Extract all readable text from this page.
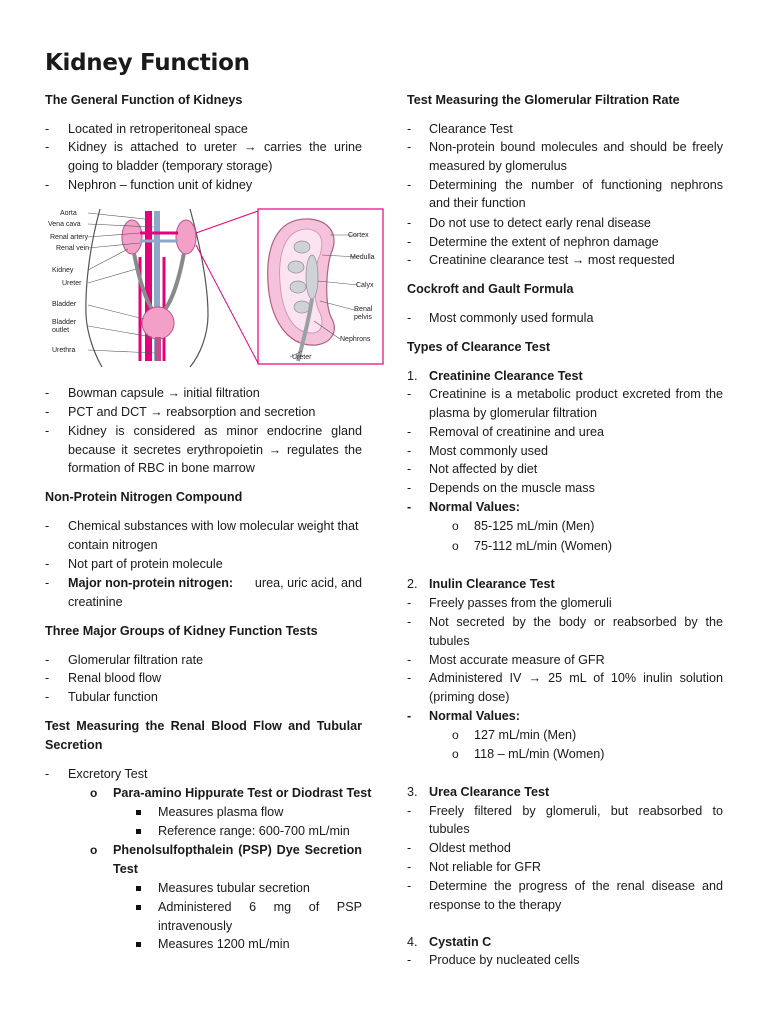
Kidney Function
The General Function of Kidneys
- Located in retroperitoneal space
- Kidney is attached to ureter → carries the urine
going to bladder (temporary storage)
- Nephron – function unit of kidney
Aorta
Vena cava
Renal artery
Renal vein
Kidney
Ureter
Bladder
Bladder
outlet
Urethra
Cortex
Medulla
Calyx
Renal
pelvis
Nephrons
Ureter
- Bowman capsule → initial filtration
- PCT and DCT → reabsorption and secretion
- Kidney is considered as minor endocrine gland
because it secretes erythropoietin → regulates the
formation of RBC in bone marrow
Non-Protein Nitrogen Compound
- Chemical substances with low molecular weight that
contain nitrogen
- Not part of protein molecule
- Major non-protein nitrogen: urea, uric acid, and
creatinine
Three Major Groups of Kidney Function Tests
- Glomerular filtration rate
- Renal blood flow
- Tubular function
Test Measuring the Renal Blood Flow and Tubular
Secretion
- Excretory Test
o Para-amino Hippurate Test or Diodrast Test
Measures plasma flow
Reference range: 600-700 mL/min
o Phenolsulfopthalein (PSP) Dye Secretion
Test
Measures tubular secretion
Administered 6 mg of PSP
intravenously
Measures 1200 mL/min
Test Measuring the Glomerular Filtration Rate
- Clearance Test
- Non-protein bound molecules and should be freely
measured by glomerulus
- Determining the number of functioning nephrons
and their function
- Do not use to detect early renal disease
- Determine the extent of nephron damage
- Creatinine clearance test → most requested
Cockroft and Gault Formula
- Most commonly used formula
Types of Clearance Test
1. Creatinine Clearance Test
- Creatinine is a metabolic product excreted from the
plasma by glomerular filtration
- Removal of creatinine and urea
- Most commonly used
- Not affected by diet
- Depends on the muscle mass
- Normal Values:
o 85-125 mL/min (Men)
o 75-112 mL/min (Women)
2. Inulin Clearance Test
- Freely passes from the glomeruli
- Not secreted by the body or reabsorbed by the
tubules
- Most accurate measure of GFR
- Administered IV → 25 mL of 10% inulin solution
(priming dose)
- Normal Values:
o 127 mL/min (Men)
o 118 – mL/min (Women)
3. Urea Clearance Test
- Freely filtered by glomeruli, but reabsorbed to
tubules
- Oldest method
- Not reliable for GFR
- Determine the progress of the renal disease and
response to the therapy
4. Cystatin C
- Produce by nucleated cells
